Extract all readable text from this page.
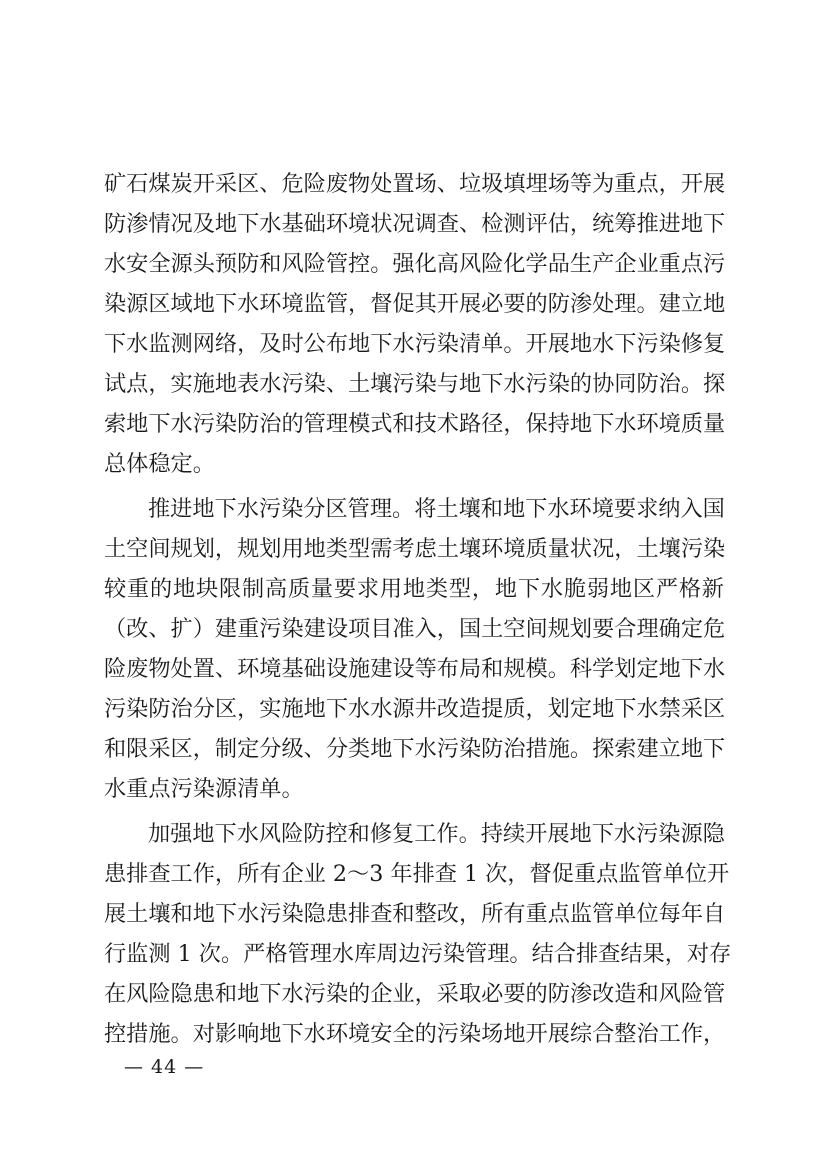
矿石煤炭开采区、危险废物处置场、垃圾填埋场等为重点，开展
防渗情况及地下水基础环境状况调查、检测评估，统筹推进地下
水安全源头预防和风险管控。强化高风险化学品生产企业重点污
染源区域地下水环境监管，督促其开展必要的防渗处理。建立地
下水监测网络，及时公布地下水污染清单。开展地水下污染修复
试点，实施地表水污染、土壤污染与地下水污染的协同防治。探
索地下水污染防治的管理模式和技术路径，保持地下水环境质量
总体稳定。
推进地下水污染分区管理。将土壤和地下水环境要求纳入国
土空间规划，规划用地类型需考虑土壤环境质量状况，土壤污染
较重的地块限制高质量要求用地类型，地下水脆弱地区严格新
（改、扩）建重污染建设项目准入，国土空间规划要合理确定危
险废物处置、环境基础设施建设等布局和规模。科学划定地下水
污染防治分区，实施地下水水源井改造提质，划定地下水禁采区
和限采区，制定分级、分类地下水污染防治措施。探索建立地下
水重点污染源清单。
加强地下水风险防控和修复工作。持续开展地下水污染源隐
患排查工作，所有企业 2～3 年排查 1 次，督促重点监管单位开
展土壤和地下水污染隐患排查和整改，所有重点监管单位每年自
行监测 1 次。严格管理水库周边污染管理。结合排查结果，对存
在风险隐患和地下水污染的企业，采取必要的防渗改造和风险管
控措施。对影响地下水环境安全的污染场地开展综合整治工作，
— 44 —
